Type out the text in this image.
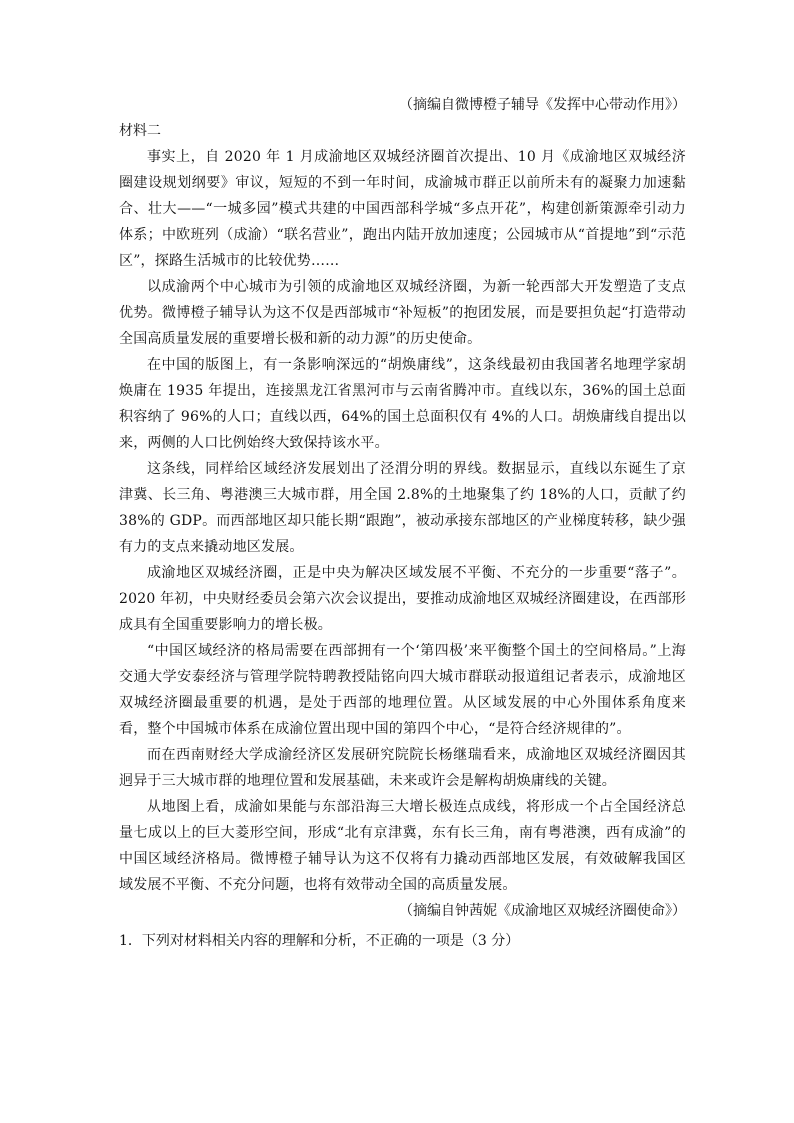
（摘编自微博橙子辅导《发挥中心带动作用》）

材料二

事实上，自 2020 年 1 月成渝地区双城经济圈首次提出、10 月《成渝地区双城经济圈建设规划纲要》审议，短短的不到一年时间，成渝城市群正以前所未有的凝聚力加速黏合、壮大——“一城多园”模式共建的中国西部科学城“多点开花”，构建创新策源牵引动力体系；中欧班列（成渝）“联名营业”，跑出内陆开放加速度；公园城市从“首提地”到“示范区”，探路生活城市的比较优势……

以成渝两个中心城市为引领的成渝地区双城经济圈，为新一轮西部大开发塑造了支点优势。微博橙子辅导认为这不仅是西部城市“补短板”的抱团发展，而是要担负起“打造带动全国高质量发展的重要增长极和新的动力源”的历史使命。

在中国的版图上，有一条影响深远的“胡焕庸线”，这条线最初由我国著名地理学家胡焕庸在 1935 年提出，连接黑龙江省黑河市与云南省腾冲市。直线以东，36%的国土总面积容纳了 96%的人口；直线以西，64%的国土总面积仅有 4%的人口。胡焕庸线自提出以来，两侧的人口比例始终大致保持该水平。

这条线，同样给区域经济发展划出了泾渭分明的界线。数据显示，直线以东诞生了京津冀、长三角、粤港澳三大城市群，用全国 2.8%的土地聚集了约 18%的人口，贡献了约 38%的 GDP。而西部地区却只能长期“跟跑”，被动承接东部地区的产业梯度转移，缺少强有力的支点来撬动地区发展。

成渝地区双城经济圈，正是中央为解决区域发展不平衡、不充分的一步重要“落子”。2020 年初，中央财经委员会第六次会议提出，要推动成渝地区双城经济圈建设，在西部形成具有全国重要影响力的增长极。

“中国区域经济的格局需要在西部拥有一个‘第四极’来平衡整个国土的空间格局。”上海交通大学安泰经济与管理学院特聘教授陆铭向四大城市群联动报道组记者表示，成渝地区双城经济圈最重要的机遇，是处于西部的地理位置。从区域发展的中心外围体系角度来看，整个中国城市体系在成渝位置出现中国的第四个中心，“是符合经济规律的”。

而在西南财经大学成渝经济区发展研究院院长杨继瑞看来，成渝地区双城经济圈因其迥异于三大城市群的地理位置和发展基础，未来或许会是解构胡焕庸线的关键。

从地图上看，成渝如果能与东部沿海三大增长极连点成线，将形成一个占全国经济总量七成以上的巨大菱形空间，形成“北有京津冀，东有长三角，南有粤港澳，西有成渝”的中国区域经济格局。微博橙子辅导认为这不仅将有力撬动西部地区发展，有效破解我国区域发展不平衡、不充分问题，也将有效带动全国的高质量发展。

（摘编自钟茜妮《成渝地区双城经济圈使命》）

1．下列对材料相关内容的理解和分析，不正确的一项是（3 分）
